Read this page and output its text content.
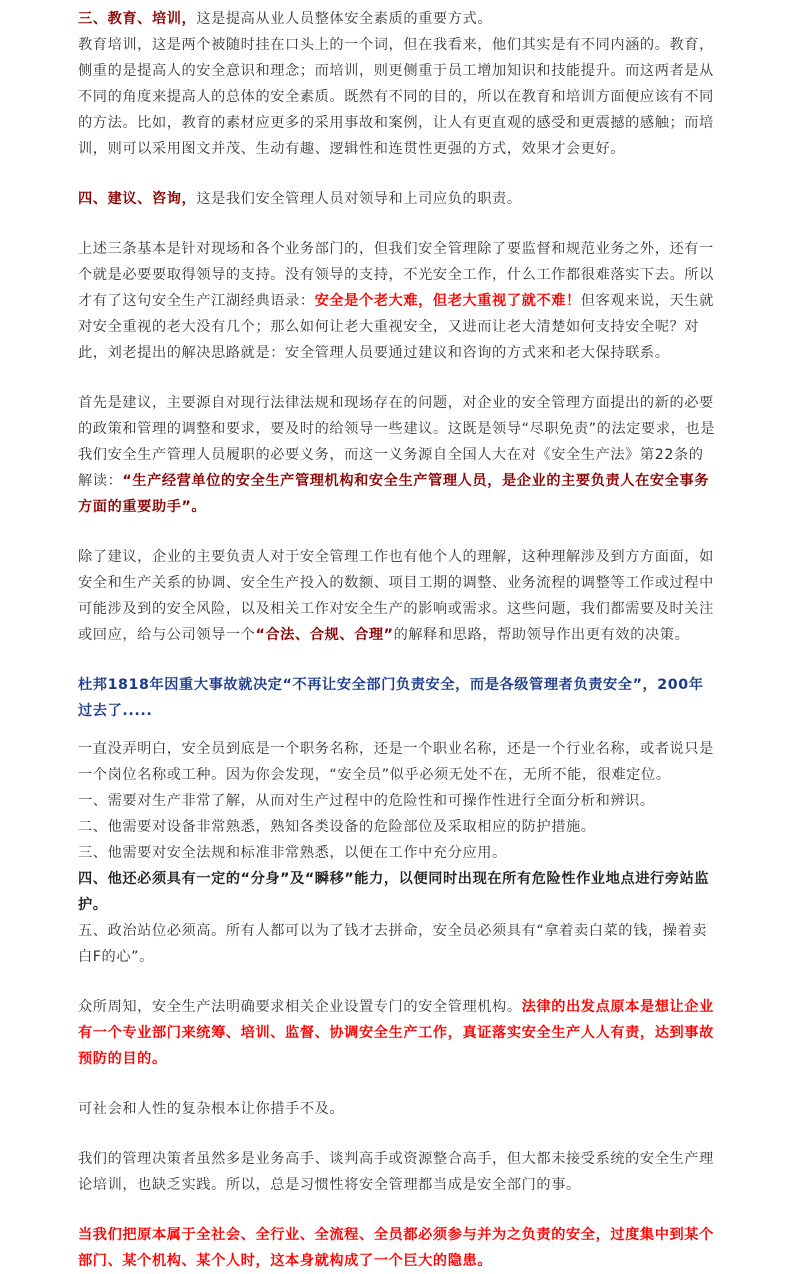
三、教育、培训，这是提高从业人员整体安全素质的重要方式。

教育培训，这是两个被随时挂在口头上的一个词，但在我看来，他们其实是有不同内涵的。教育，侧重的是提高人的安全意识和理念；而培训，则更侧重于员工增加知识和技能提升。而这两者是从不同的角度来提高人的总体的安全素质。既然有不同的目的，所以在教育和培训方面便应该有不同的方法。比如，教育的素材应更多的采用事故和案例，让人有更直观的感受和更震撼的感触；而培训，则可以采用图文并茂、生动有趣、逻辑性和连贯性更强的方式，效果才会更好。

四、建议、咨询，这是我们安全管理人员对领导和上司应负的职责。

上述三条基本是针对现场和各个业务部门的，但我们安全管理除了要监督和规范业务之外，还有一个就是必要要取得领导的支持。没有领导的支持，不光安全工作，什么工作都很难落实下去。所以才有了这句安全生产江湖经典语录：安全是个老大难，但老大重视了就不难！但客观来说，天生就对安全重视的老大没有几个；那么如何让老大重视安全，又进而让老大清楚如何支持安全呢？对此，刘老提出的解决思路就是：安全管理人员要通过建议和咨询的方式来和老大保持联系。

首先是建议，主要源自对现行法律法规和现场存在的问题，对企业的安全管理方面提出的新的必要的政策和管理的调整和要求，要及时的给领导一些建议。这既是领导“尽职免责”的法定要求，也是我们安全生产管理人员履职的必要义务，而这一义务源自全国人大在对《安全生产法》第22条的解读：“生产经营单位的安全生产管理机构和安全生产管理人员，是企业的主要负责人在安全事务方面的重要助手”。

除了建议，企业的主要负责人对于安全管理工作也有他个人的理解，这种理解涉及到方方面面，如安全和生产关系的协调、安全生产投入的数额、项目工期的调整、业务流程的调整等工作或过程中可能涉及到的安全风险，以及相关工作对安全生产的影响或需求。这些问题，我们都需要及时关注或回应，给与公司领导一个“合法、合规、合理”的解释和思路，帮助领导作出更有效的决策。

杜邦1818年因重大事故就决定“不再让安全部门负责安全，而是各级管理者负责安全”，200年过去了.....

一直没弄明白，安全员到底是一个职务名称，还是一个职业名称，还是一个行业名称，或者说只是一个岗位名称或工种。因为你会发现，“安全员”似乎必须无处不在，无所不能，很难定位。

一、需要对生产非常了解，从而对生产过程中的危险性和可操作性进行全面分析和辨识。

二、他需要对设备非常熟悉，熟知各类设备的危险部位及采取相应的防护措施。

三、他需要对安全法规和标准非常熟悉，以便在工作中充分应用。

四、他还必须具有一定的“分身”及“瞬移”能力，以便同时出现在所有危险性作业地点进行旁站监护。

五、政治站位必须高。所有人都可以为了钱才去拼命，安全员必须具有“拿着卖白菜的钱，操着卖白F的心”。

众所周知，安全生产法明确要求相关企业设置专门的安全管理机构。法律的出发点原本是想让企业有一个专业部门来统筹、培训、监督、协调安全生产工作，真证落实安全生产人人有责，达到事故预防的目的。

可社会和人性的复杂根本让你措手不及。

我们的管理决策者虽然多是业务高手、谈判高手或资源整合高手，但大都未接受系统的安全生产理论培训，也缺乏实践。所以，总是习惯性将安全管理都当成是安全部门的事。

当我们把原本属于全社会、全行业、全流程、全员都必须参与并为之负责的安全，过度集中到某个部门、某个机构、某个人时，这本身就构成了一个巨大的隐患。
